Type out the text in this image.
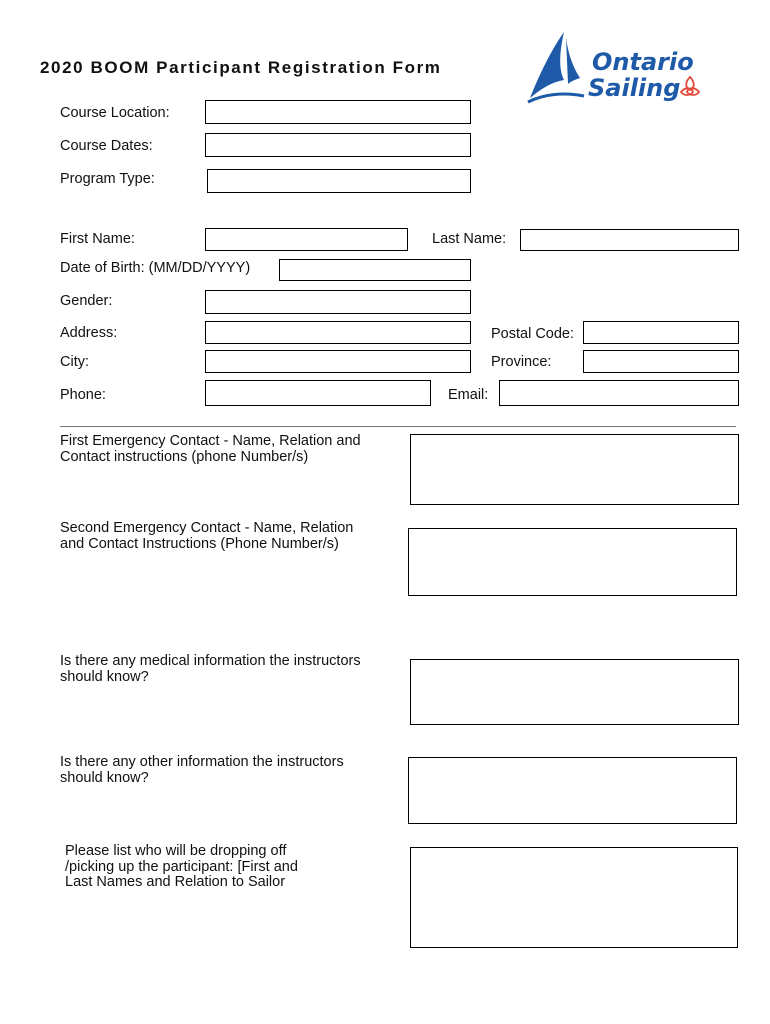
2020 BOOM Participant Registration Form	Ontario
Sailing
Course Location:
Course Dates:
Program Type:
First Name:	Last Name:
Date of Birth: (MM/DD/YYYY)
Gender:
Address:	Postal Code:
City:	Province:
Phone:	Email:
First Emergency Contact - Name, Relation and Contact instructions (phone Number/s)
Second Emergency Contact - Name, Relation and Contact Instructions (Phone Number/s)
Is there any medical information the instructors should know?
Is there any other information the instructors should know?
Please list who will be dropping off /picking up the participant: [First and Last Names and Relation to Sailor
